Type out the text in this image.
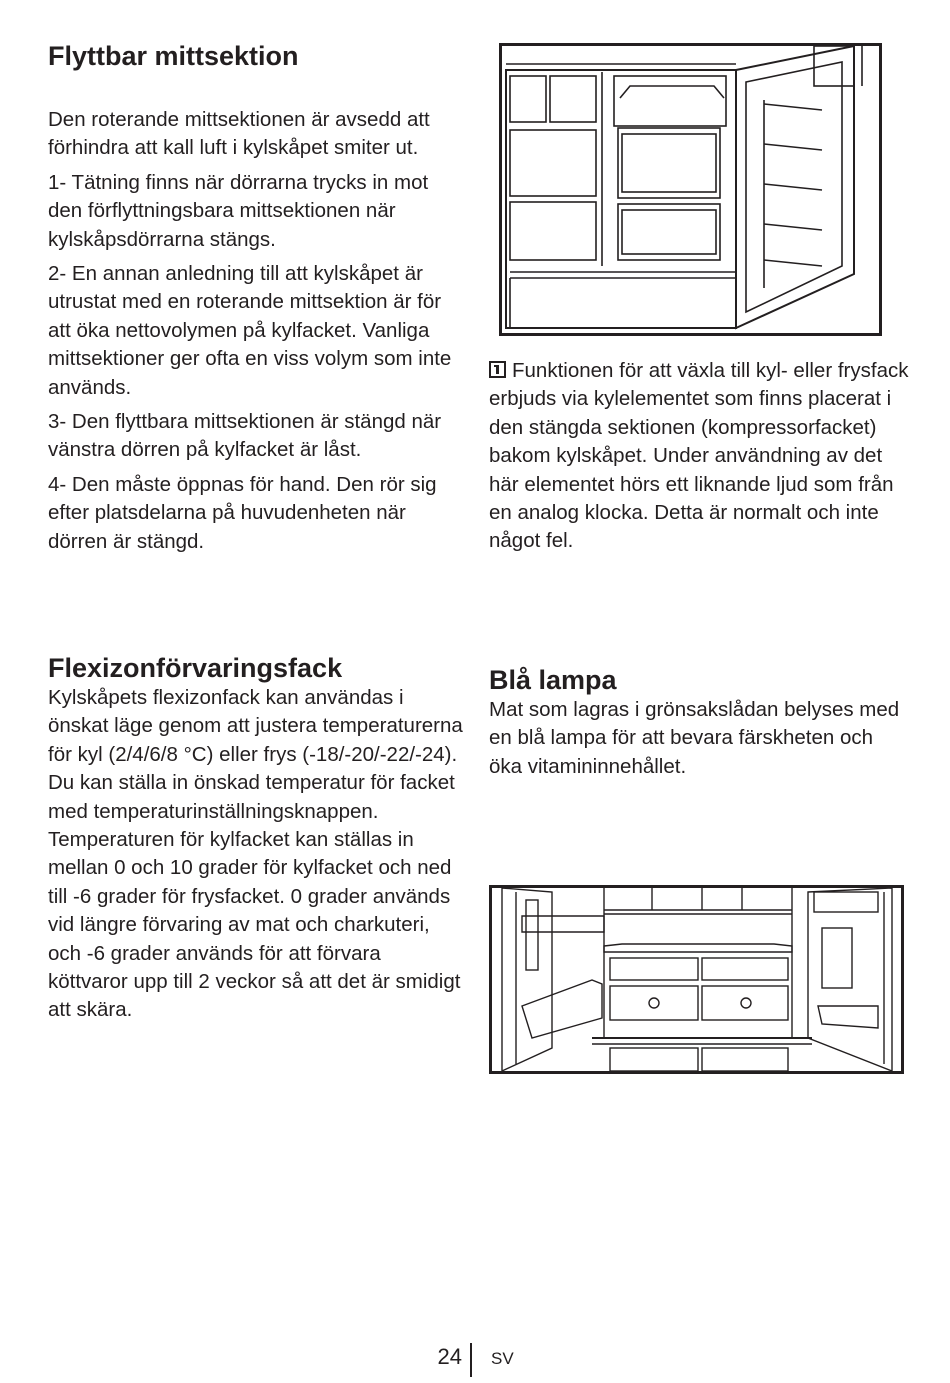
Flyttbar mittsektion

Den roterande mittsektionen är avsedd att förhindra att kall luft i kylskåpet smiter ut.

1- Tätning finns när dörrarna trycks in mot den förflyttningsbara mittsektionen när kylskåpsdörrarna stängs.

2- En annan anledning till att kylskåpet är utrustat med en roterande mittsektion är för att öka nettovolymen på kylfacket. Vanliga mittsektioner ger ofta en viss volym som inte används.

3- Den flyttbara mittsektionen är stängd när vänstra dörren på kylfacket är låst.

4- Den måste öppnas för hand. Den rör sig efter platsdelarna på huvudenheten när dörren är stängd.

Funktionen för att växla till kyl- eller frysfack erbjuds via kylelementet som finns placerat i den stängda sektionen (kompressorfacket) bakom kylskåpet. Under användning av det här elementet hörs ett liknande ljud som från en analog klocka. Detta är normalt och inte något fel.

Flexizonförvaringsfack

Kylskåpets flexizonfack kan användas i önskat läge genom att justera temperaturerna för kyl (2/4/6/8 °C) eller frys (-18/-20/-22/-24). Du kan ställa in önskad temperatur för facket med temperaturinställningsknappen. Temperaturen för kylfacket kan ställas in mellan 0 och 10 grader för kylfacket och ned till -6 grader för frysfacket. 0 grader används vid längre förvaring av mat och charkuteri, och -6 grader används för att förvara köttvaror upp till 2 veckor så att det är smidigt att skära.

Blå lampa

Mat som lagras i grönsakslådan belyses med en blå lampa för att bevara färskheten och öka vitamininnehållet.

24 SV
